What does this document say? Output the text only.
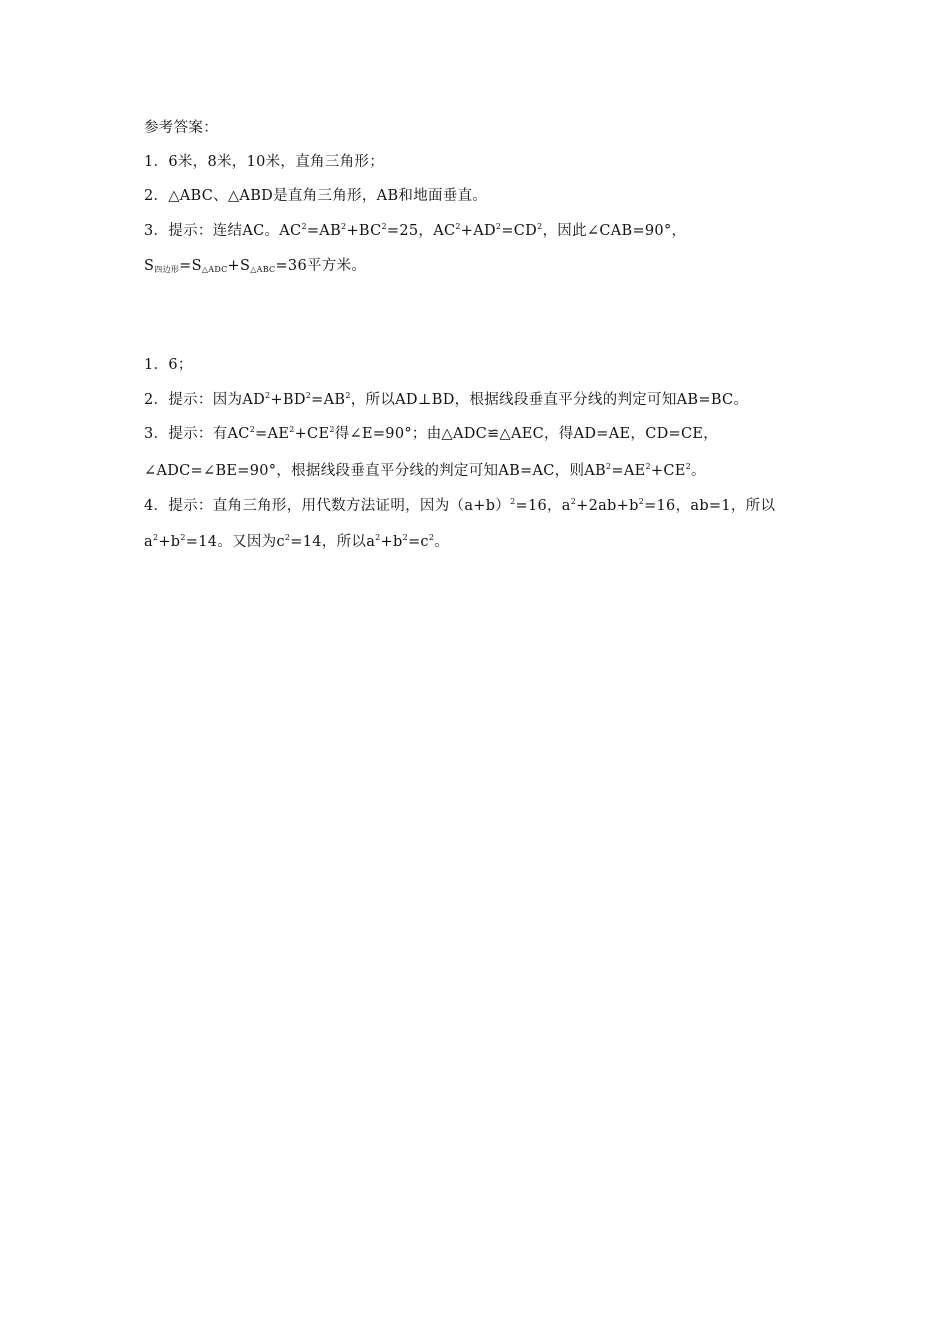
参考答案：
1．6米，8米，10米，直角三角形；
2．△ABC、△ABD是直角三角形，AB和地面垂直。
3．提示：连结AC。$AC^2=AB^2+BC^2=25$，$AC^2+AD^2=CD^2$，因此∠CAB=90°，
$S_{四边形}=S_{\triangle ADC}+S_{\triangle ABC}=36$平方米。
1．6；
2．提示：因为$AD^2+BD^2=AB^2$，所以AD⊥BD，根据线段垂直平分线的判定可知AB=BC。
3．提示：有$AC^2=AE^2+CE^2$得∠E=90°；由△ADC≌△AEC，得AD=AE，CD=CE，
∠ADC=∠BE=90°，根据线段垂直平分线的判定可知AB=AC，则$AB^2=AE^2+CE^2$。
4．提示：直角三角形，用代数方法证明，因为$(a+b)^2=16$，$a^2+2ab+b^2=16$，ab=1，所以
$a^2+b^2=14$。又因为$c^2=14$，所以$a^2+b^2=c^2$。
